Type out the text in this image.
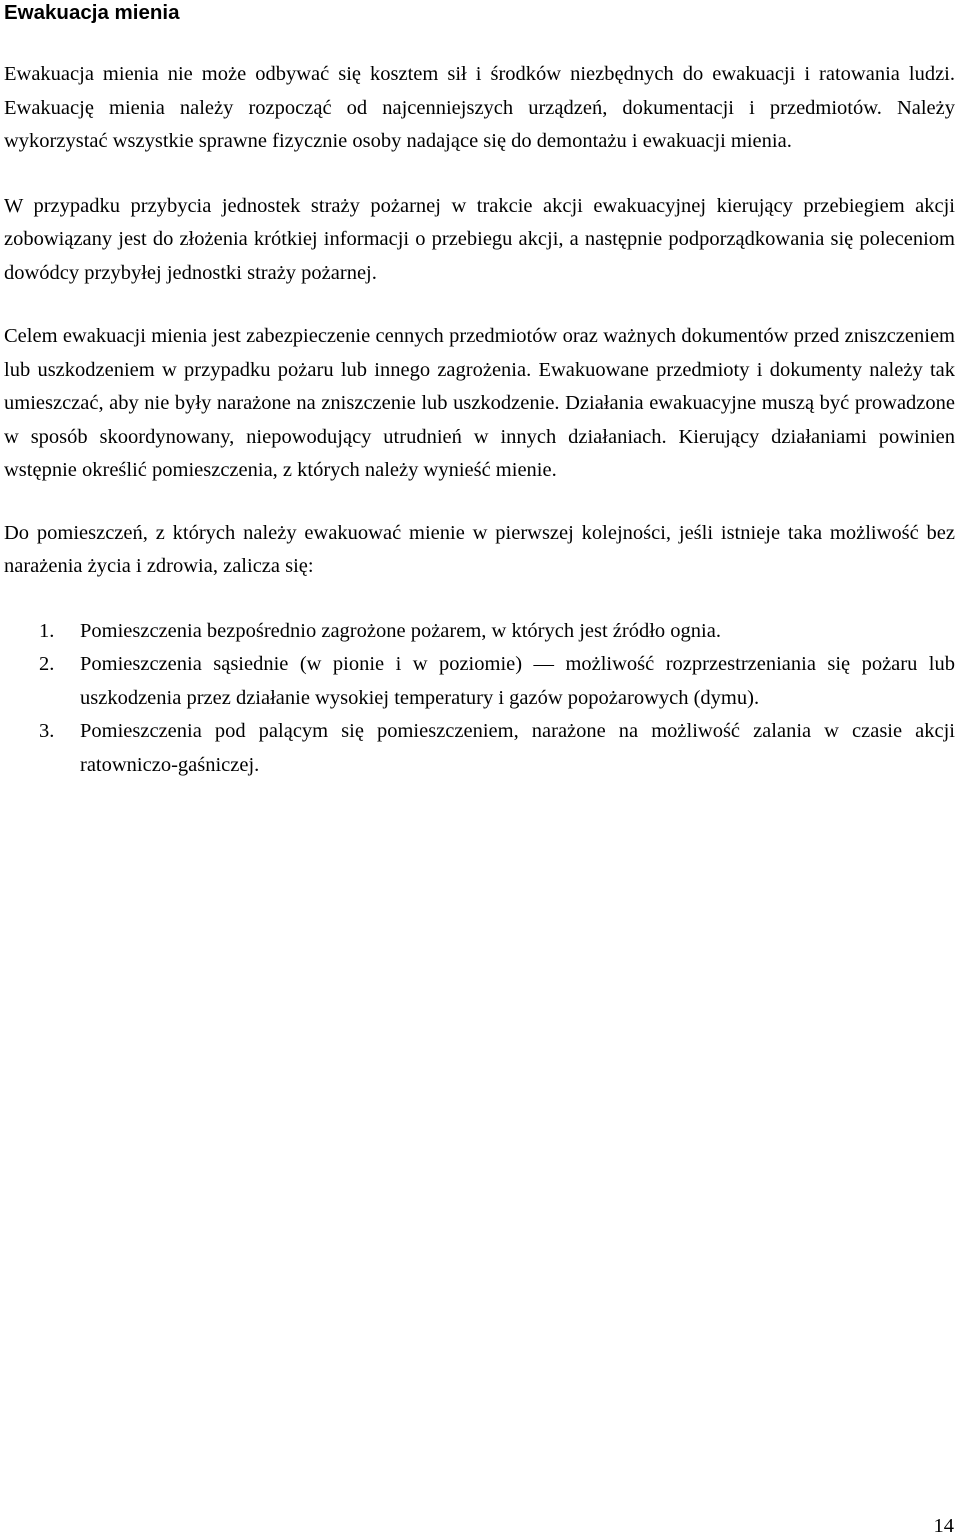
Ewakuacja mienia

Ewakuacja mienia nie może odbywać się kosztem sił i środków niezbędnych do ewakuacji i ratowania ludzi. Ewakuację mienia należy rozpocząć od najcenniejszych urządzeń, dokumentacji i przedmiotów. Należy wykorzystać wszystkie sprawne fizycznie osoby nadające się do demontażu i ewakuacji mienia.

W przypadku przybycia jednostek straży pożarnej w trakcie akcji ewakuacyjnej kierujący przebiegiem akcji zobowiązany jest do złożenia krótkiej informacji o przebiegu akcji, a następnie podporządkowania się poleceniom dowódcy przybyłej jednostki straży pożarnej.

Celem ewakuacji mienia jest zabezpieczenie cennych przedmiotów oraz ważnych dokumentów przed zniszczeniem lub uszkodzeniem w przypadku pożaru lub innego zagrożenia. Ewakuowane przedmioty i dokumenty należy tak umieszczać, aby nie były narażone na zniszczenie lub uszkodzenie. Działania ewakuacyjne muszą być prowadzone w sposób skoordynowany, niepowodujący utrudnień w innych działaniach. Kierujący działaniami powinien wstępnie określić pomieszczenia, z których należy wynieść mienie.

Do pomieszczeń, z których należy ewakuować mienie w pierwszej kolejności, jeśli istnieje taka możliwość bez narażenia życia i zdrowia, zalicza się:

1. Pomieszczenia bezpośrednio zagrożone pożarem, w których jest źródło ognia.
2. Pomieszczenia sąsiednie (w pionie i w poziomie) — możliwość rozprzestrzeniania się pożaru lub uszkodzenia przez działanie wysokiej temperatury i gazów popożarowych (dymu).
3. Pomieszczenia pod palącym się pomieszczeniem, narażone na możliwość zalania w czasie akcji ratowniczo-gaśniczej.
14
